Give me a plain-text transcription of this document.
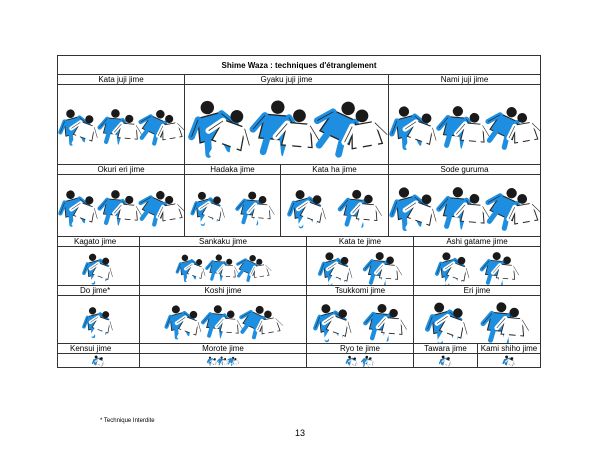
Shime Waza : techniques d'étranglement
Kata juji jime	Gyaku juji jime	Nami juji jime
Okuri eri jime	Hadaka jime	Kata ha jime	Sode guruma
Kagato jime	Sankaku jime	Kata te jime	Ashi gatame jime
Do jime*	Koshi jime	Tsukkomi jime	Eri jime
Kensui jime	Morote jime	Ryo te jime	Tawara jime	Kami shiho jime
* Technique Interdite
13
